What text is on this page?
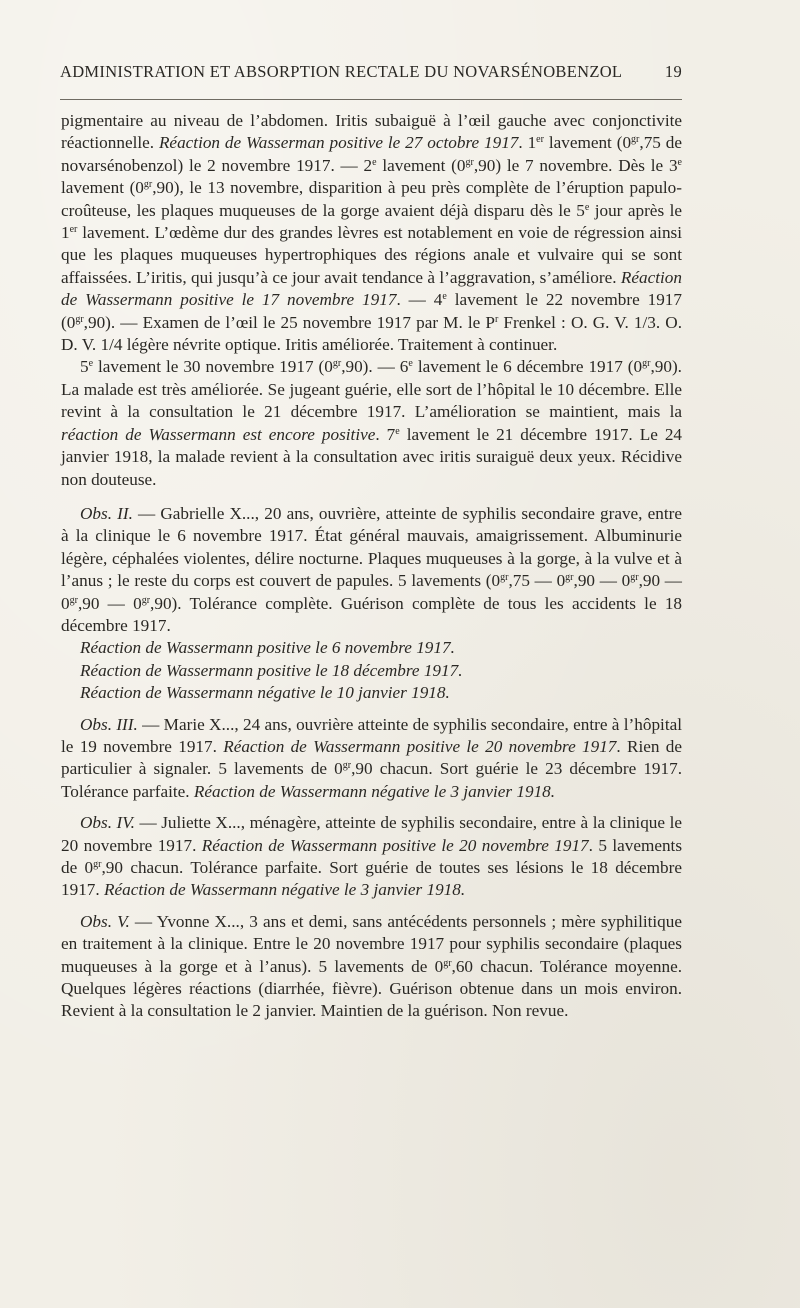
ADMINISTRATION ET ABSORPTION RECTALE DU NOVARSÉNOBENZOL	19

pigmentaire au niveau de l’abdomen. Iritis subaiguë à l’œil gauche avec conjonctivite réactionnelle. Réaction de Wasserman positive le 27 octobre 1917. 1er lavement ($0^{gr},75$ de novarsénobenzol) le 2 novembre 1917. — 2e lavement $(0^{gr},90)$ le 7 novembre. Dès le 3e lavement $(0^{gr},90)$, le 13 novembre, disparition à peu près complète de l’éruption papulo-croûteuse, les plaques muqueuses de la gorge avaient déjà disparu dès le 5e jour après le 1er lavement. L’œdème dur des grandes lèvres est notablement en voie de régression ainsi que les plaques muqueuses hypertrophiques des régions anale et vulvaire qui se sont affaissées. L’iritis, qui jusqu’à ce jour avait tendance à l’aggravation, s’améliore. Réaction de Wassermann positive le 17 novembre 1917. — 4e lavement le 22 novembre 1917 $(0^{gr},90)$. — Examen de l’œil le 25 novembre 1917 par M. le $P^r$ Frenkel : O. G. V. 1/3. O. D. V. 1/4 légère névrite optique. Iritis améliorée. Traitement à continuer.

5e lavement le 30 novembre 1917 $(0^{gr},90)$. — 6e lavement le 6 décembre 1917 $(0^{gr},90)$. La malade est très améliorée. Se jugeant guérie, elle sort de l’hôpital le 10 décembre. Elle revint à la consultation le 21 décembre 1917. L’amélioration se maintient, mais la réaction de Wassermann est encore positive. 7e lavement le 21 décembre 1917. Le 24 janvier 1918, la malade revient à la consultation avec iritis suraiguë deux yeux. Récidive non douteuse.

Obs. II. — Gabrielle X..., 20 ans, ouvrière, atteinte de syphilis secondaire grave, entre à la clinique le 6 novembre 1917. État général mauvais, amaigrissement. Albuminurie légère, céphalées violentes, délire nocturne. Plaques muqueuses à la gorge, à la vulve et à l’anus ; le reste du corps est couvert de papules. 5 lavements ($0^{gr},75$ — $0^{gr},90$ — $0^{gr},90$ — $0^{gr},90$ — $0^{gr},90$). Tolérance complète. Guérison complète de tous les accidents le 18 décembre 1917.

Réaction de Wassermann positive le 6 novembre 1917.

Réaction de Wassermann positive le 18 décembre 1917.

Réaction de Wassermann négative le 10 janvier 1918.

Obs. III. — Marie X..., 24 ans, ouvrière atteinte de syphilis secondaire, entre à l’hôpital le 19 novembre 1917. Réaction de Wassermann positive le 20 novembre 1917. Rien de particulier à signaler. 5 lavements de $0^{gr},90$ chacun. Sort guérie le 23 décembre 1917. Tolérance parfaite. Réaction de Wassermann négative le 3 janvier 1918.

Obs. IV. — Juliette X..., ménagère, atteinte de syphilis secondaire, entre à la clinique le 20 novembre 1917. Réaction de Wassermann positive le 20 novembre 1917. 5 lavements de $0^{gr},90$ chacun. Tolérance parfaite. Sort guérie de toutes ses lésions le 18 décembre 1917. Réaction de Wassermann négative le 3 janvier 1918.

Obs. V. — Yvonne X..., 3 ans et demi, sans antécédents personnels ; mère syphilitique en traitement à la clinique. Entre le 20 novembre 1917 pour syphilis secondaire (plaques muqueuses à la gorge et à l’anus). 5 lavements de $0^{gr},60$ chacun. Tolérance moyenne. Quelques légères réactions (diarrhée, fièvre). Guérison obtenue dans un mois environ. Revient à la consultation le 2 janvier. Maintien de la guérison. Non revue.
